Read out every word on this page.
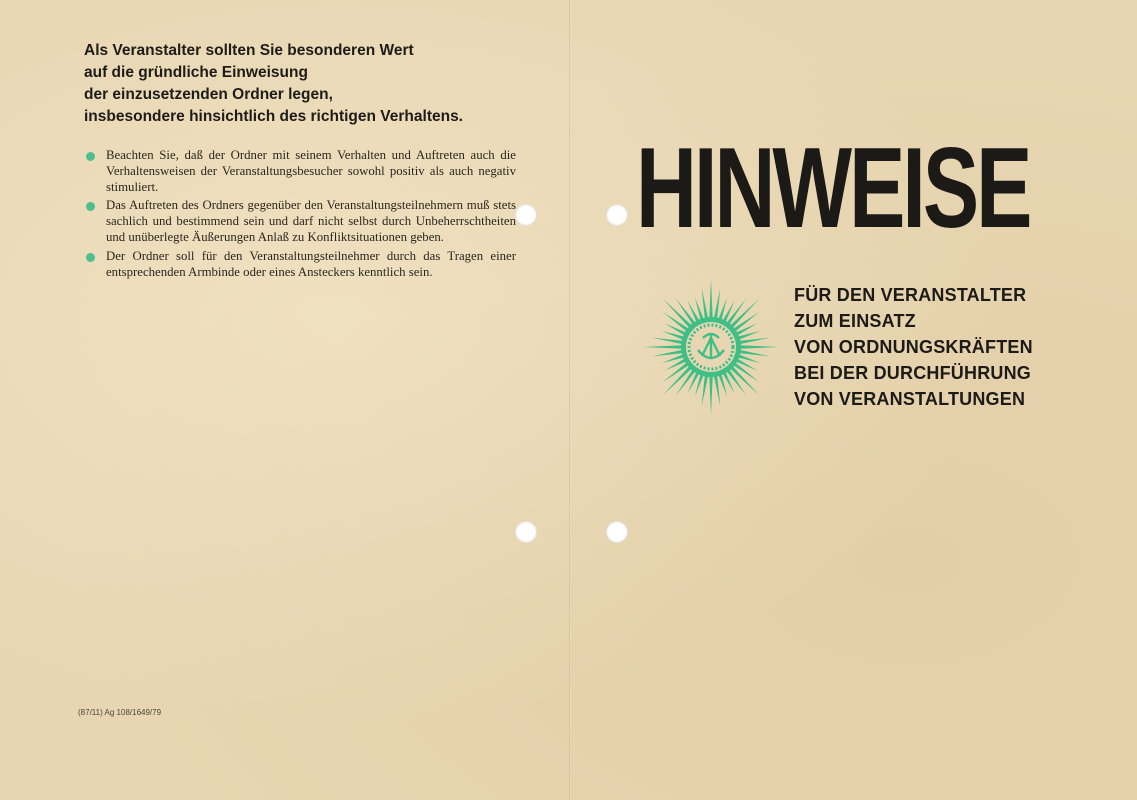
Als Veranstalter sollten Sie besonderen Wert
auf die gründliche Einweisung
der einzusetzenden Ordner legen,
insbesondere hinsichtlich des richtigen Verhaltens.
Beachten Sie, daß der Ordner mit seinem Verhalten und Auftreten auch die Verhaltensweisen der Veranstaltungsbesucher sowohl positiv als auch negativ stimuliert.
Das Auftreten des Ordners gegenüber den Veranstaltungsteilnehmern muß stets sachlich und bestimmend sein und darf nicht selbst durch Unbeherrschtheiten und unüberlegte Äußerungen Anlaß zu Konfliktsituationen geben.
Der Ordner soll für den Veranstaltungsteilnehmer durch das Tragen einer entsprechenden Armbinde oder eines Ansteckers kenntlich sein.
(87/11) Ag 108/1649/79
HINWEISE
FÜR DEN VERANSTALTER
ZUM EINSATZ
VON ORDNUNGSKRÄFTEN
BEI DER DURCHFÜHRUNG
VON VERANSTALTUNGEN
